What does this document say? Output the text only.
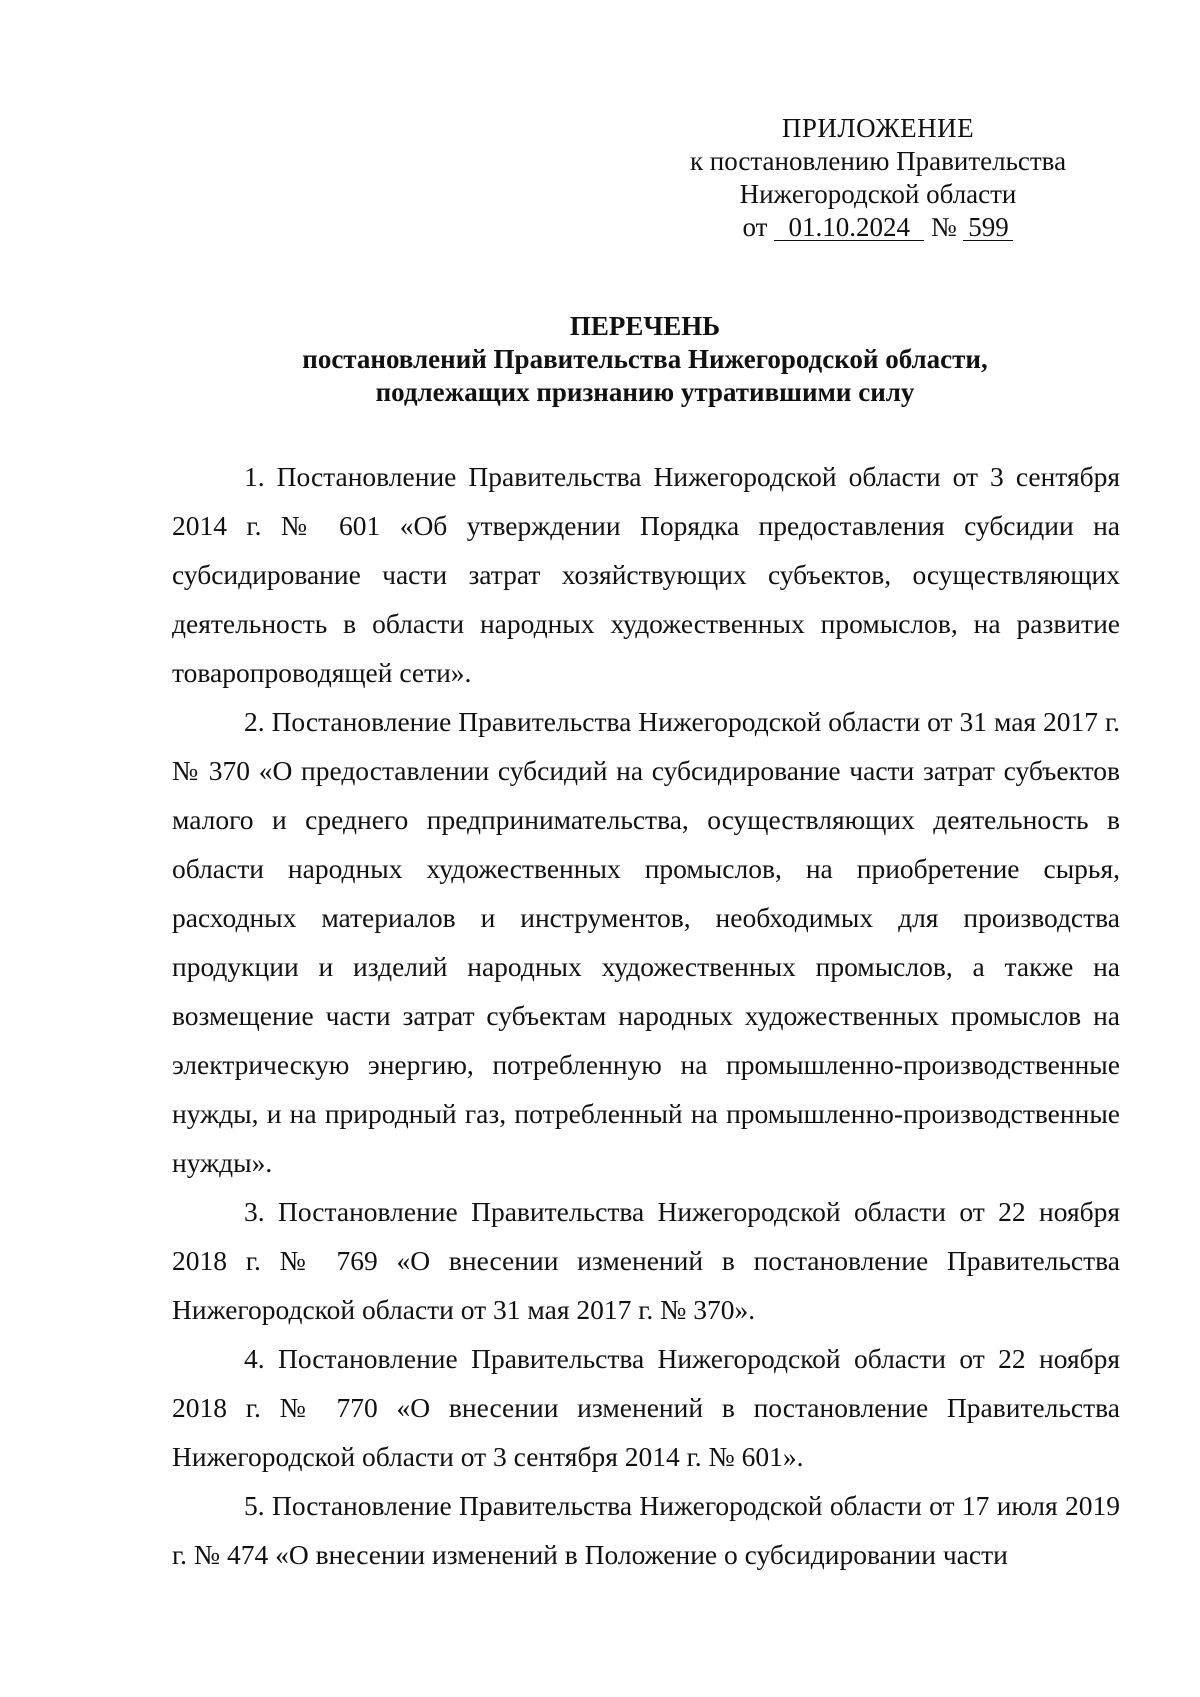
ПРИЛОЖЕНИЕ
к постановлению Правительства
Нижегородской области
от 01.10.2024 № 599
ПЕРЕЧЕНЬ
постановлений Правительства Нижегородской области,
подлежащих признанию утратившими силу

1. Постановление Правительства Нижегородской области от 3 сентября 2014 г. № 601 «Об утверждении Порядка предоставления субсидии на субсидирование части затрат хозяйствующих субъектов, осуществляющих деятельность в области народных художественных промыслов, на развитие товаропроводящей сети».

2. Постановление Правительства Нижегородской области от 31 мая 2017 г. № 370 «О предоставлении субсидий на субсидирование части затрат субъектов малого и среднего предпринимательства, осуществляющих деятельность в области народных художественных промыслов, на приобретение сырья, расходных материалов и инструментов, необходимых для производства продукции и изделий народных художественных промыслов, а также на возмещение части затрат субъектам народных художественных промыслов на электрическую энергию, потребленную на промышленно-производственные нужды, и на природный газ, потребленный на промышленно-производственные нужды».

3. Постановление Правительства Нижегородской области от 22 ноября 2018 г. № 769 «О внесении изменений в постановление Правительства Нижегородской области от 31 мая 2017 г. № 370».

4. Постановление Правительства Нижегородской области от 22 ноября 2018 г. № 770 «О внесении изменений в постановление Правительства Нижегородской области от 3 сентября 2014 г. № 601».

5. Постановление Правительства Нижегородской области от 17 июля 2019 г. № 474 «О внесении изменений в Положение о субсидировании части
